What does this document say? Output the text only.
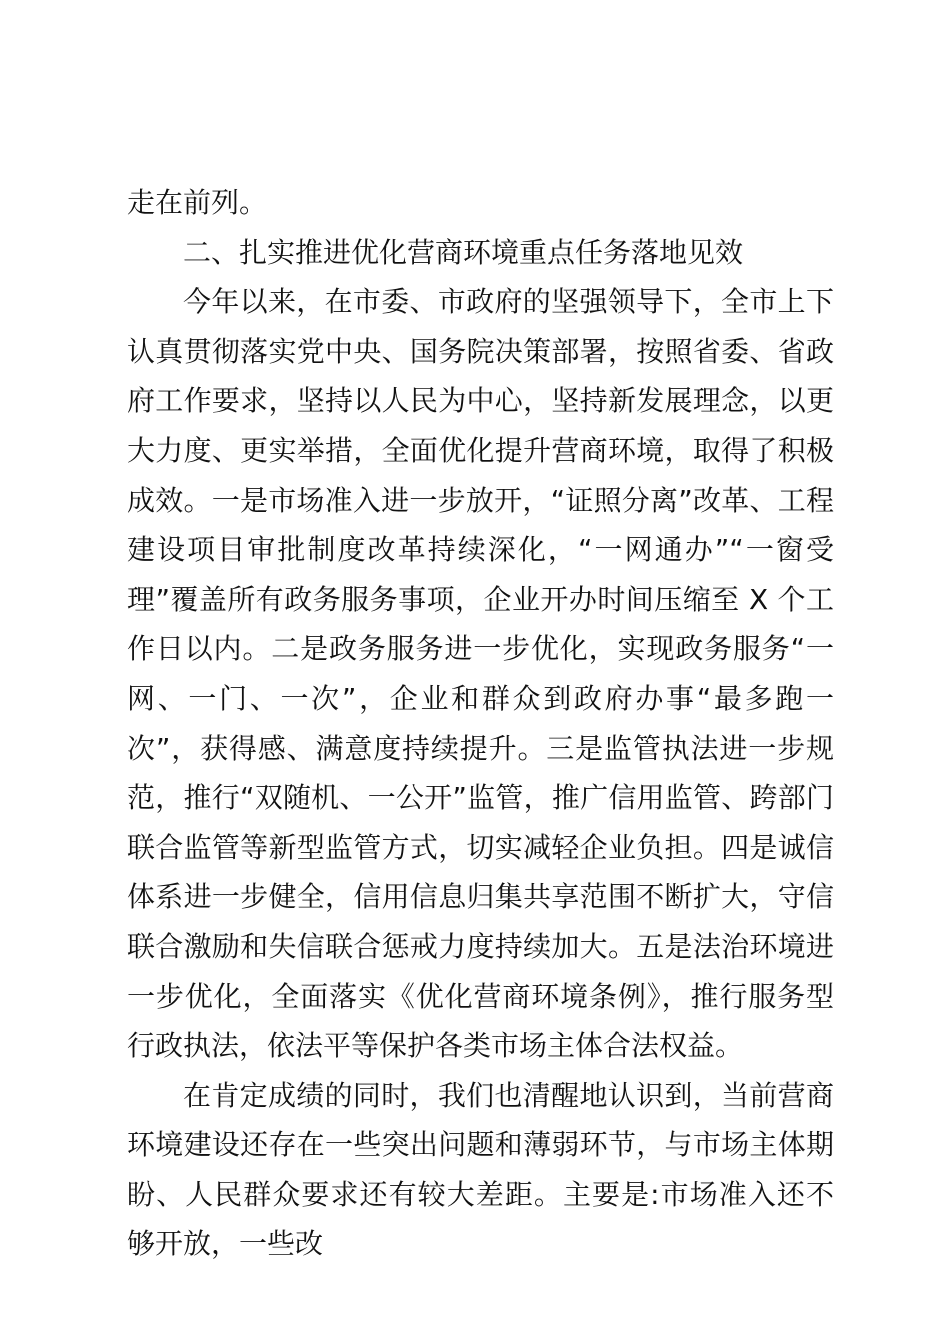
走在前列。

二、扎实推进优化营商环境重点任务落地见效

今年以来，在市委、市政府的坚强领导下，全市上下认真贯彻落实党中央、国务院决策部署，按照省委、省政府工作要求，坚持以人民为中心，坚持新发展理念，以更大力度、更实举措，全面优化提升营商环境，取得了积极成效。一是市场准入进一步放开，“证照分离”改革、工程建设项目审批制度改革持续深化，“一网通办”“一窗受理”覆盖所有政务服务事项，企业开办时间压缩至 X 个工作日以内。二是政务服务进一步优化，实现政务服务“一网、一门、一次”，企业和群众到政府办事“最多跑一次”，获得感、满意度持续提升。三是监管执法进一步规范，推行“双随机、一公开”监管，推广信用监管、跨部门联合监管等新型监管方式，切实减轻企业负担。四是诚信体系进一步健全，信用信息归集共享范围不断扩大，守信联合激励和失信联合惩戒力度持续加大。五是法治环境进一步优化，全面落实《优化营商环境条例》，推行服务型行政执法，依法平等保护各类市场主体合法权益。

在肯定成绩的同时，我们也清醒地认识到，当前营商环境建设还存在一些突出问题和薄弱环节，与市场主体期盼、人民群众要求还有较大差距。主要是:市场准入还不够开放，一些改
